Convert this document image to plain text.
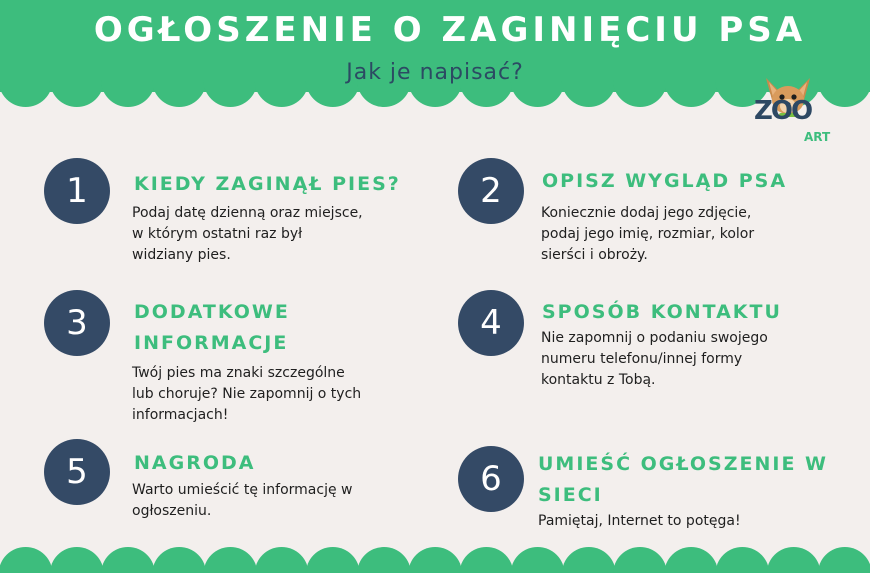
OGŁOSZENIE O ZAGINIĘCIU PSA
Jak je napisać?
ZOO
ART
1	KIEDY ZAGINĄŁ PIES?
Podaj datę dzienną oraz miejsce,
w którym ostatni raz był
widziany pies.
2	OPISZ WYGLĄD PSA
Koniecznie dodaj jego zdjęcie,
podaj jego imię, rozmiar, kolor
sierści i obroży.
3	DODATKOWE
INFORMACJE
Twój pies ma znaki szczególne
lub choruje? Nie zapomnij o tych
informacjach!
4	SPOSÓB KONTAKTU
Nie zapomnij o podaniu swojego
numeru telefonu/innej formy
kontaktu z Tobą.
5	NAGRODA
Warto umieścić tę informację w
ogłoszeniu.
6	UMIEŚĆ OGŁOSZENIE W
SIECI
Pamiętaj, Internet to potęga!
